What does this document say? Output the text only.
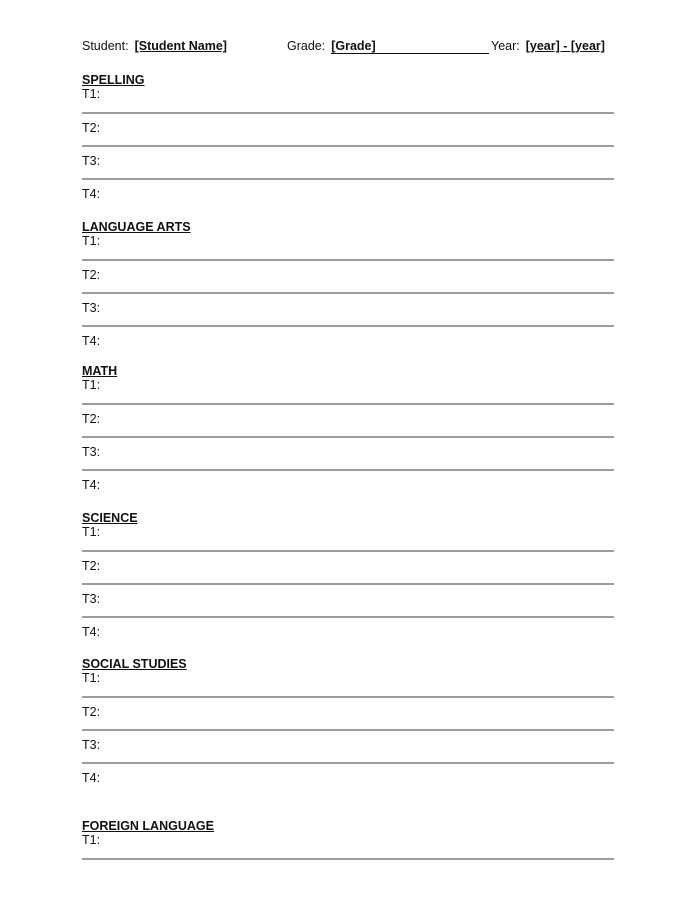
Student: [Student Name]	Grade: [Grade]	Year: [year] - [year]
SPELLING
T1:
T2:
T3:
T4:
LANGUAGE ARTS
T1:
T2:
T3:
T4:
MATH
T1:
T2:
T3:
T4:
SCIENCE
T1:
T2:
T3:
T4:
SOCIAL STUDIES
T1:
T2:
T3:
T4:
FOREIGN LANGUAGE
T1:
